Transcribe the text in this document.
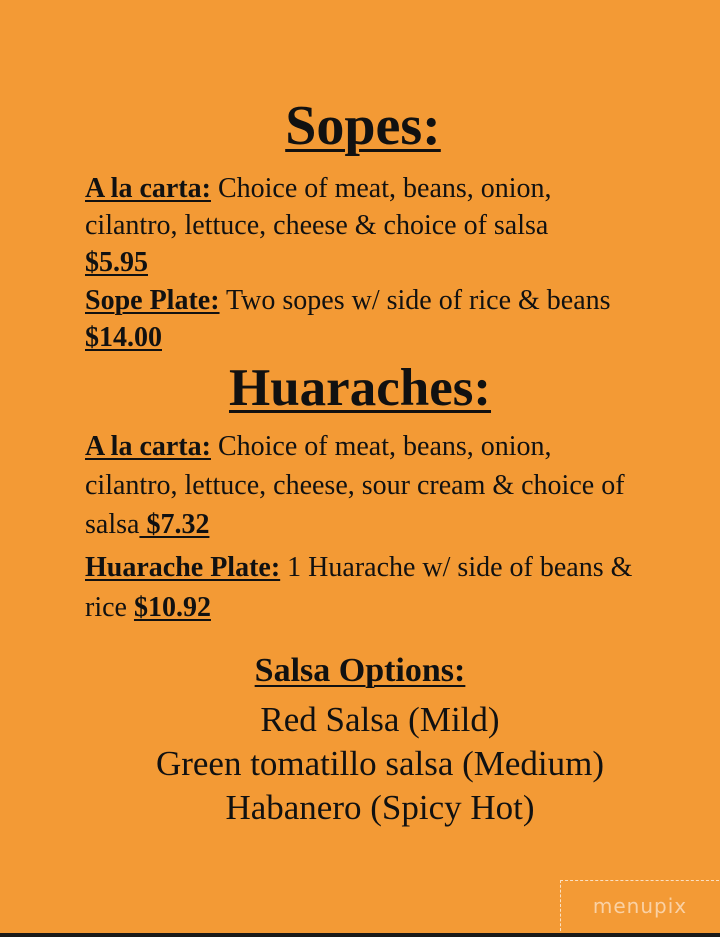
Sopes:
A la carta: Choice of meat, beans, onion, cilantro, lettuce, cheese & choice of salsa
$5.95
Sope Plate: Two sopes w/ side of rice & beans $14.00
Huaraches:
A la carta: Choice of meat, beans, onion, cilantro, lettuce, cheese, sour cream & choice of salsa $7.32
Huarache Plate: 1 Huarache w/ side of beans & rice $10.92
Salsa Options:
Red Salsa (Mild)
Green tomatillo salsa (Medium)
Habanero (Spicy Hot)
menupix
